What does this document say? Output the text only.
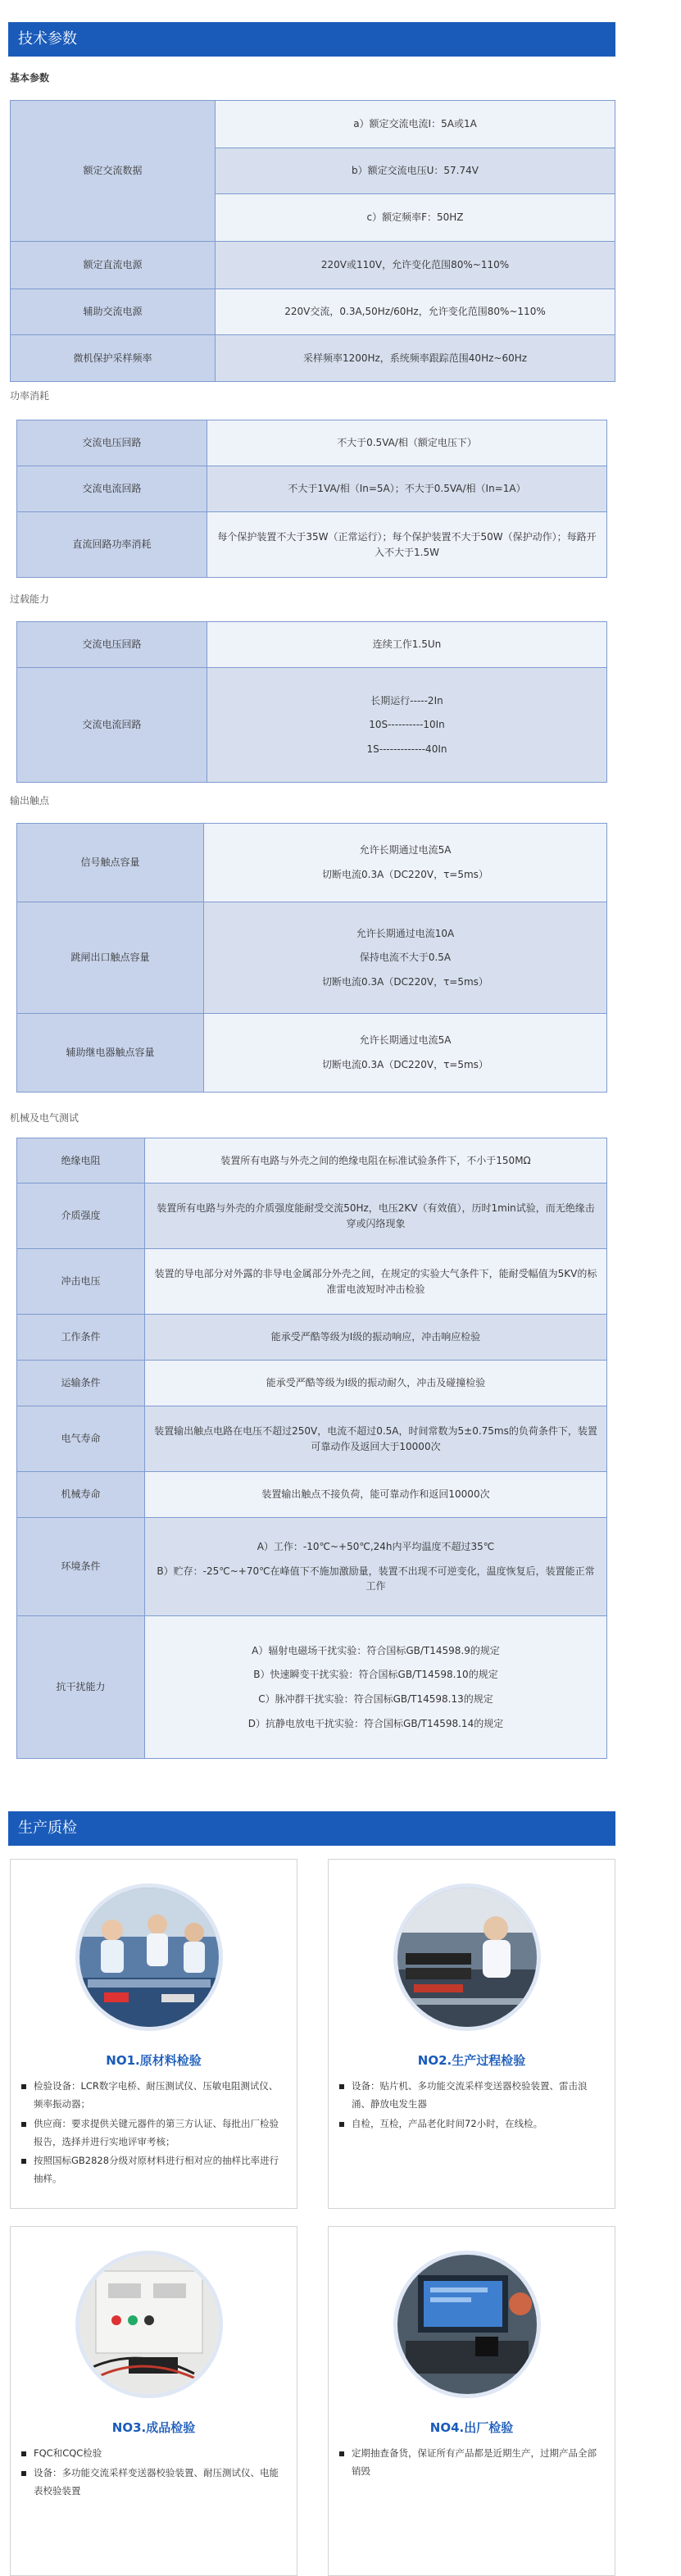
技术参数
基本参数
额定交流数据	a）额定交流电流I：5A或1A
	b）额定交流电压U：57.74V
	c）额定频率F：50HZ
额定直流电源	220V或110V，允许变化范围80%~110%
辅助交流电源	220V交流，0.3A,50Hz/60Hz，允许变化范围80%~110%
微机保护采样频率	采样频率1200Hz，系统频率跟踪范围40Hz~60Hz
功率消耗
交流电压回路	不大于0.5VA/相（额定电压下）
交流电流回路	不大于1VA/相（In=5A）；不大于0.5VA/相（In=1A）
直流回路功率消耗	每个保护装置不大于35W（正常运行）；每个保护装置不大于50W（保护动作）；每路开入不大于1.5W
过载能力
交流电压回路	连续工作1.5Un
交流电流回路	长期运行-----2In
10S----------10In
1S-------------40In
输出触点
信号触点容量	允许长期通过电流5A
切断电流0.3A（DC220V，τ=5ms）

跳闸出口触点容量	允许长期通过电流10A
保持电流不大于0.5A
切断电流0.3A（DC220V，τ=5ms）

辅助继电器触点容量	允许长期通过电流5A
切断电流0.3A（DC220V，τ=5ms）
机械及电气测试
绝缘电阻	装置所有电路与外壳之间的绝缘电阻在标准试验条件下，不小于150MΩ
介质强度	装置所有电路与外壳的介质强度能耐受交流50Hz，电压2KV（有效值），历时1min试验，而无绝缘击穿或闪络现象
冲击电压	装置的导电部分对外露的非导电金属部分外壳之间，在规定的实验大气条件下，能耐受幅值为5KV的标准雷电波短时冲击检验
工作条件	能承受严酷等级为I级的振动响应，冲击响应检验
运输条件	能承受严酷等级为I级的振动耐久，冲击及碰撞检验
电气寿命	装置输出触点电路在电压不超过250V，电流不超过0.5A，时间常数为5±0.75ms的负荷条件下，装置可靠动作及返回大于10000次
机械寿命	装置输出触点不接负荷，能可靠动作和返回10000次
环境条件	A）工作：-10℃~+50℃,24h内平均温度不超过35℃
B）贮存：-25℃~+70℃在峰值下不施加激励量，装置不出现不可逆变化，温度恢复后，装置能正常工作

抗干扰能力	A）辐射电磁场干扰实验：符合国标GB/T14598.9的规定
B）快速瞬变干扰实验：符合国标GB/T14598.10的规定
C）脉冲群干扰实验：符合国标GB/T14598.13的规定
D）抗静电放电干扰实验：符合国标GB/T14598.14的规定
生产质检
NO1.原材料检验
检验设备：LCR数字电桥、耐压测试仪、压敏电阻测试仪、频率振动器；
供应商：要求提供关键元器件的第三方认证、每批出厂检验报告，选择并进行实地评审考核；
按照国标GB2828分级对原材料进行相对应的抽样比率进行抽样。
NO2.生产过程检验
设备：贴片机、多功能交流采样变送器校验装置、雷击浪涌、静放电发生器
自检，互检，产品老化时间72小时，在线检。
NO3.成品检验
FQC和CQC检验
设备：多功能交流采样变送器校验装置、耐压测试仪、电能表校验装置
NO4.出厂检验
定期抽查备货，保证所有产品都是近期生产，过期产品全部销毁
